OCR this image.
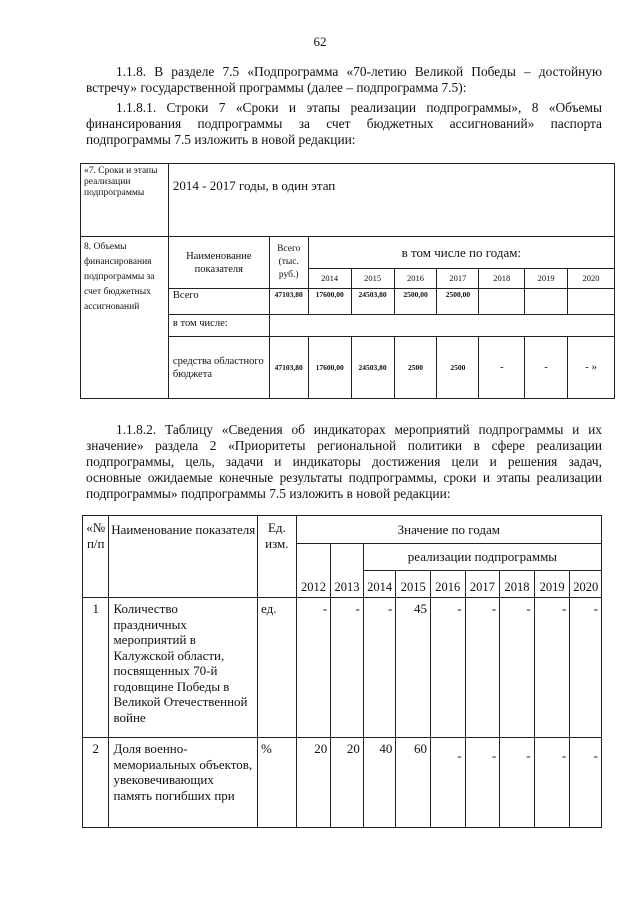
62
1.1.8. В разделе 7.5 «Подпрограмма «70-летию Великой Победы – достойную
встречу» государственной программы (далее – подпрограмма 7.5):
1.1.8.1. Строки 7 «Сроки и этапы реализации подпрограммы», 8 «Объемы
финансирования подпрограммы за счет бюджетных ассигнований» паспорта
подпрограммы 7.5 изложить в новой редакции:
«7. Сроки и этапы реализации подпрограммы	2014 - 2017 годы, в один этап								
8. Объемы финансирования подпрограммы за счет бюджетных ассигнований	Наименование показателя	Всего (тыс. руб.)	в том числе по годам:						
			2014	2015	2016	2017	2018	2019	2020
	Всего	47103,80	17600,00	24503,80	2500,00	2500,00			
	в том числе:								
	средства областного бюджета	47103,80	17600,00	24503,80	2500	2500	-	-	- »
1.1.8.2. Таблицу «Сведения об индикаторах мероприятий подпрограммы и их
значение» раздела 2 «Приоритеты региональной политики в сфере реализации
подпрограммы, цель, задачи и индикаторы достижения цели и решения задач,
основные ожидаемые конечные результаты подпрограммы, сроки и этапы реализации
подпрограммы» подпрограммы 7.5 изложить в новой редакции:
«№ п/п	Наименование показателя	Ед. изм.	Значение по годам								
			2012	2013	реализации подпрограммы						
					2014	2015	2016	2017	2018	2019	2020
1	Количество праздничных мероприятий в Калужской области, посвященных 70-й годовщине Победы в Великой Отечественной войне	ед.	-	-	-	45	-	-	-	-	-
2	Доля военно-мемориальных объектов, увековечивающих память погибших при	%	20	20	40	60	-	-	-	-	-
